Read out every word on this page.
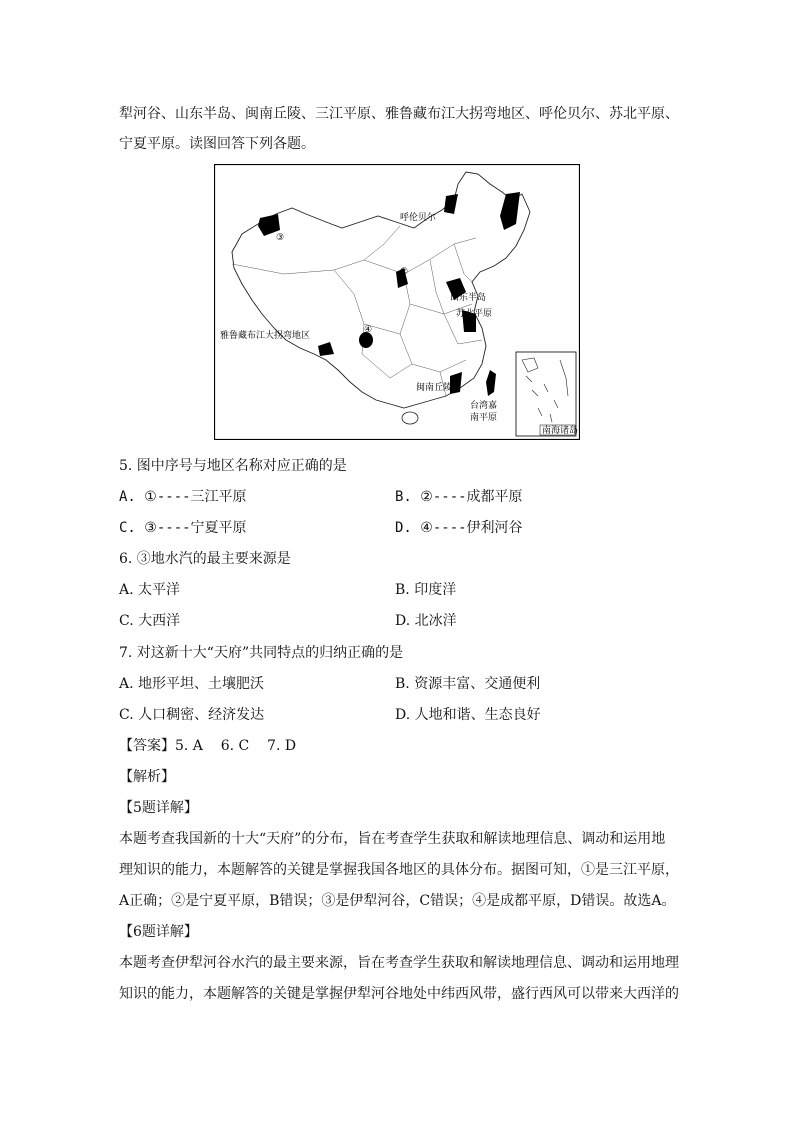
犁河谷、山东半岛、闽南丘陵、三江平原、雅鲁藏布江大拐弯地区、呼伦贝尔、苏北平原、
宁夏平原。读图回答下列各题。
呼伦贝尔
山东半岛
苏北平原
雅鲁藏布江大拐弯地区
闽南丘陵
台湾嘉
南平原
①
②
③
④
南海诸岛
5. 图中序号与地区名称对应正确的是
A. ①----三江平原	B. ②----成都平原
C. ③----宁夏平原	D. ④----伊利河谷
6. ③地水汽的最主要来源是
A. 太平洋	B. 印度洋
C. 大西洋	D. 北冰洋
7. 对这新十大“天府”共同特点的归纳正确的是
A. 地形平坦、土壤肥沃	B. 资源丰富、交通便利
C. 人口稠密、经济发达	D. 人地和谐、生态良好
【答案】5. A    6. C    7. D
【解析】
【5题详解】
本题考查我国新的十大“天府”的分布，旨在考查学生获取和解读地理信息、调动和运用地
理知识的能力，本题解答的关键是掌握我国各地区的具体分布。据图可知，①是三江平原，
A正确；②是宁夏平原，B错误；③是伊犁河谷，C错误；④是成都平原，D错误。故选A。
【6题详解】
本题考查伊犁河谷水汽的最主要来源，旨在考查学生获取和解读地理信息、调动和运用地理
知识的能力，本题解答的关键是掌握伊犁河谷地处中纬西风带，盛行西风可以带来大西洋的
